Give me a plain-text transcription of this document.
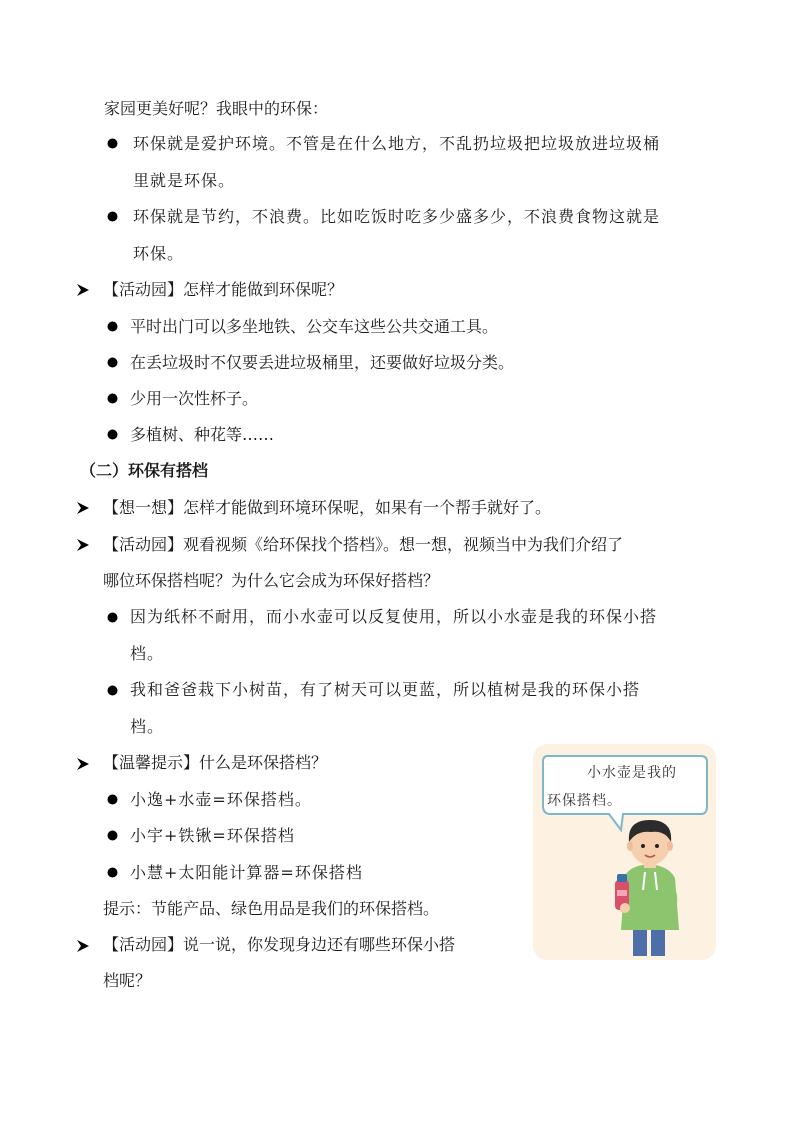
家园更美好呢？我眼中的环保：
环保就是爱护环境。不管是在什么地方，不乱扔垃圾把垃圾放进垃圾桶
里就是环保。
环保就是节约，不浪费。比如吃饭时吃多少盛多少，不浪费食物这就是
环保。
【活动园】怎样才能做到环保呢？
平时出门可以多坐地铁、公交车这些公共交通工具。
在丢垃圾时不仅要丢进垃圾桶里，还要做好垃圾分类。
少用一次性杯子。
多植树、种花等……
（二）环保有搭档
【想一想】怎样才能做到环境环保呢，如果有一个帮手就好了。
【活动园】观看视频《给环保找个搭档》。想一想，视频当中为我们介绍了
哪位环保搭档呢？为什么它会成为环保好搭档？
因为纸杯不耐用，而小水壶可以反复使用，所以小水壶是我的环保小搭
档。
我和爸爸栽下小树苗，有了树天可以更蓝，所以植树是我的环保小搭
档。
【温馨提示】什么是环保搭档？
小逸+水壶=环保搭档。
小宇+铁锹=环保搭档
小慧+太阳能计算器=环保搭档
提示：节能产品、绿色用品是我们的环保搭档。
【活动园】说一说，你发现身边还有哪些环保小搭
档呢？
小水壶是我的
环保搭档。
